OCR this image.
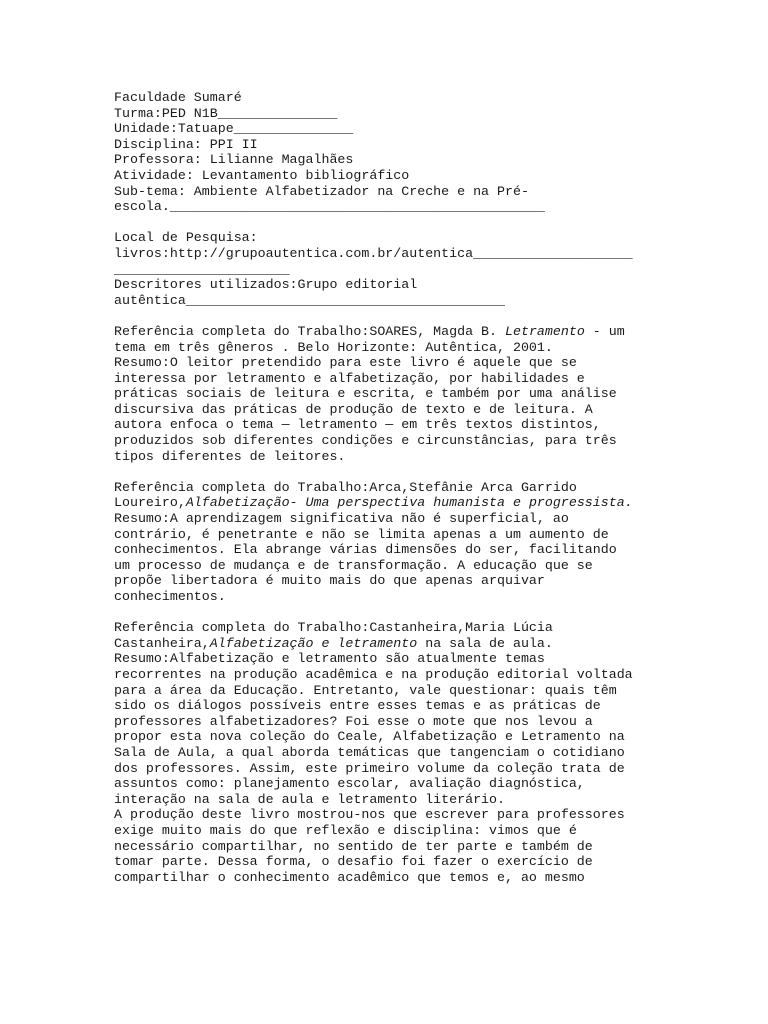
Faculdade Sumaré
Turma:PED N1B_______________
Unidade:Tatuape_______________
Disciplina: PPI II
Professora: Lilianne Magalhães
Atividade: Levantamento bibliográfico
Sub-tema: Ambiente Alfabetizador na Creche e na Pré-
escola._______________________________________________
Local de Pesquisa:
livros:http://grupoautentica.com.br/autentica____________________
______________________
Descritores utilizados:Grupo editorial
autêntica________________________________________
Referência completa do Trabalho:SOARES, Magda B. Letramento - um
tema em três gêneros . Belo Horizonte: Autêntica, 2001.
Resumo:O leitor pretendido para este livro é aquele que se
interessa por letramento e alfabetização, por habilidades e
práticas sociais de leitura e escrita, e também por uma análise
discursiva das práticas de produção de texto e de leitura. A
autora enfoca o tema — letramento — em três textos distintos,
produzidos sob diferentes condições e circunstâncias, para três
tipos diferentes de leitores.
Referência completa do Trabalho:Arca,Stefânie Arca Garrido
Loureiro,Alfabetização- Uma perspectiva humanista e progressista.
Resumo:A aprendizagem significativa não é superficial, ao
contrário, é penetrante e não se limita apenas a um aumento de
conhecimentos. Ela abrange várias dimensões do ser, facilitando
um processo de mudança e de transformação. A educação que se
propõe libertadora é muito mais do que apenas arquivar
conhecimentos.
Referência completa do Trabalho:Castanheira,Maria Lúcia
Castanheira,Alfabetização e letramento na sala de aula.
Resumo:Alfabetização e letramento são atualmente temas
recorrentes na produção acadêmica e na produção editorial voltada
para a área da Educação. Entretanto, vale questionar: quais têm
sido os diálogos possíveis entre esses temas e as práticas de
professores alfabetizadores? Foi esse o mote que nos levou a
propor esta nova coleção do Ceale, Alfabetização e Letramento na
Sala de Aula, a qual aborda temáticas que tangenciam o cotidiano
dos professores. Assim, este primeiro volume da coleção trata de
assuntos como: planejamento escolar, avaliação diagnóstica,
interação na sala de aula e letramento literário.
A produção deste livro mostrou-nos que escrever para professores
exige muito mais do que reflexão e disciplina: vimos que é
necessário compartilhar, no sentido de ter parte e também de
tomar parte. Dessa forma, o desafio foi fazer o exercício de
compartilhar o conhecimento acadêmico que temos e, ao mesmo
